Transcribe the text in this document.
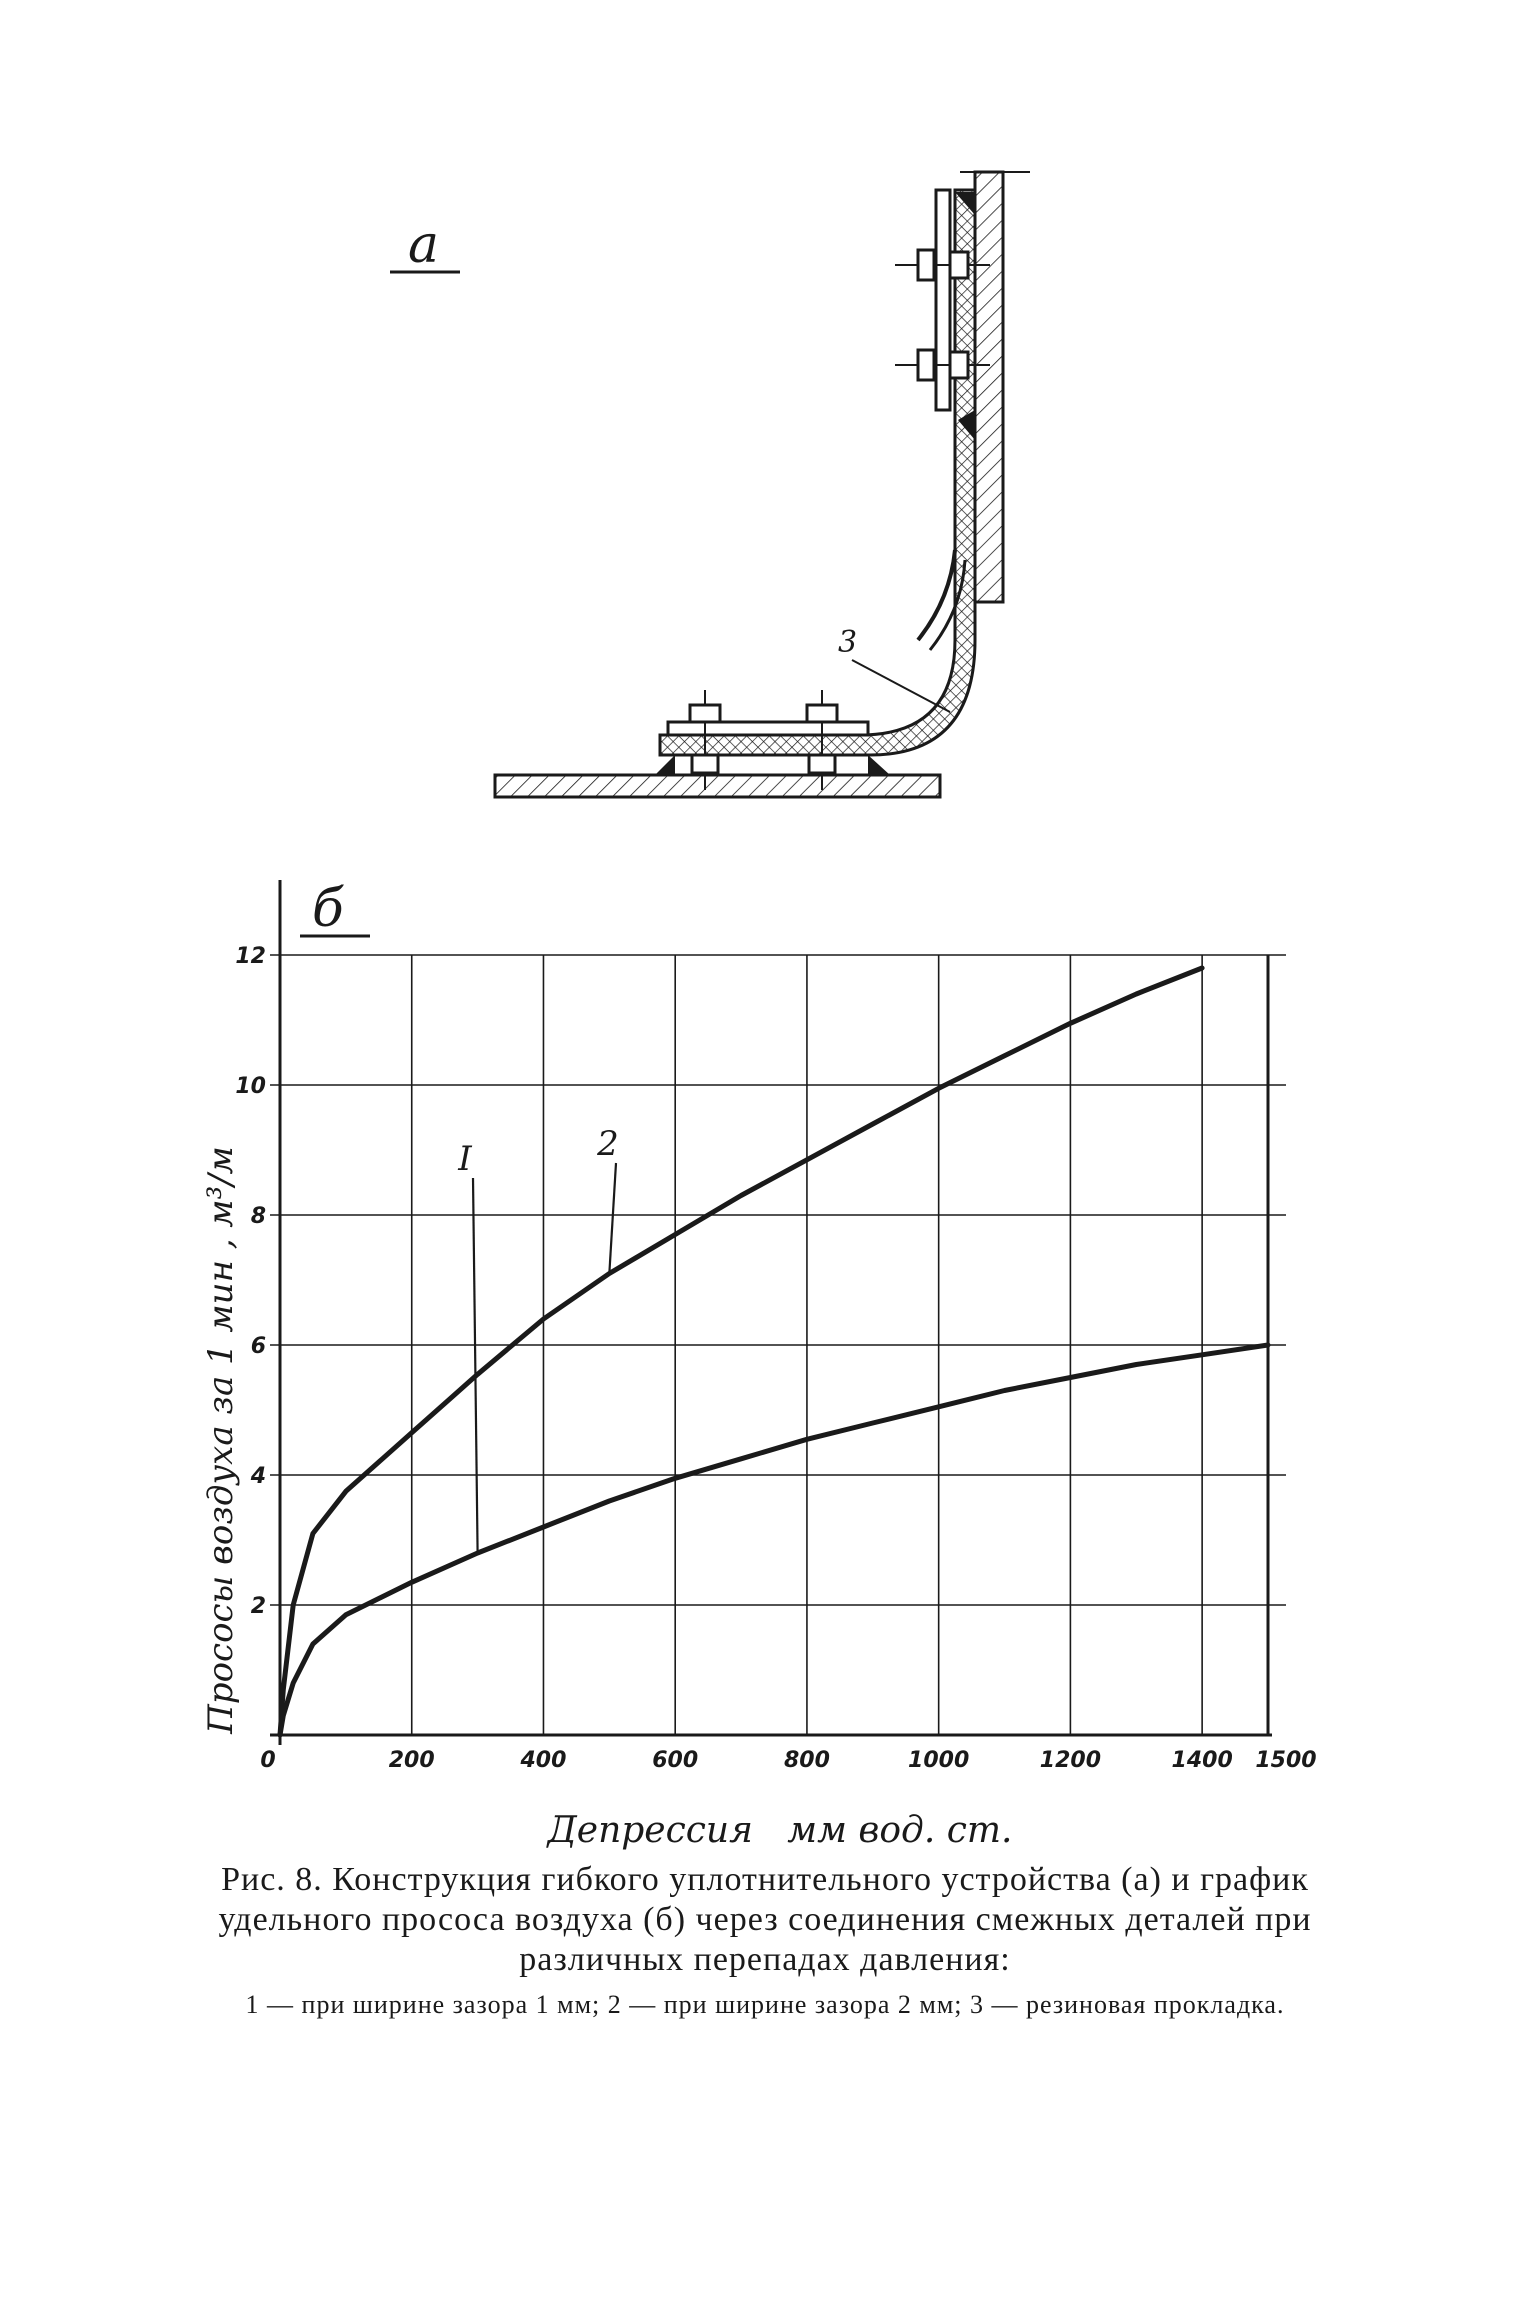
а
3
0	200	400	600	800	1000	1200	1400 1500
2
4
6
8
10
12
I	2
б
Прососы воздуха за 1 мин , м³/м
Депрессия   мм вод. ст.
Рис. 8. Конструкция гибкого уплотнительного устройства (а) и график удельного прососа воздуха (б) через соединения смежных деталей при различных перепадах давления:
1 — при ширине зазора 1 мм; 2 — при ширине зазора 2 мм; 3 — резиновая прокладка.
